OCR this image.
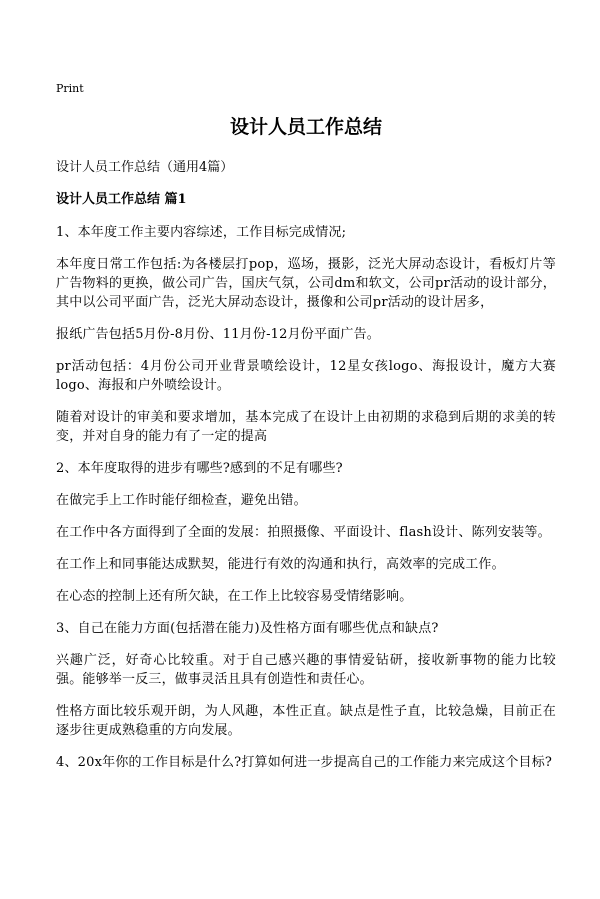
Print
设计人员工作总结
设计人员工作总结（通用4篇）
设计人员工作总结 篇1

1、本年度工作主要内容综述，工作目标完成情况;

本年度日常工作包括:为各楼层打pop，巡场，摄影，泛光大屏动态设计，看板灯片等广告物料的更换，做公司广告，国庆气氛，公司dm和软文，公司pr活动的设计部分，其中以公司平面广告，泛光大屏动态设计，摄像和公司pr活动的设计居多，

报纸广告包括5月份-8月份、11月份-12月份平面广告。

pr活动包括：4月份公司开业背景喷绘设计，12星女孩logo、海报设计，魔方大赛logo、海报和户外喷绘设计。

随着对设计的审美和要求增加，基本完成了在设计上由初期的求稳到后期的求美的转变，并对自身的能力有了一定的提高

2、本年度取得的进步有哪些?感到的不足有哪些?

在做完手上工作时能仔细检查，避免出错。

在工作中各方面得到了全面的发展：拍照摄像、平面设计、flash设计、陈列安装等。

在工作上和同事能达成默契，能进行有效的沟通和执行，高效率的完成工作。

在心态的控制上还有所欠缺，在工作上比较容易受情绪影响。

3、自己在能力方面(包括潜在能力)及性格方面有哪些优点和缺点?

兴趣广泛，好奇心比较重。对于自己感兴趣的事情爱钻研，接收新事物的能力比较强。能够举一反三，做事灵活且具有创造性和责任心。

性格方面比较乐观开朗，为人风趣，本性正直。缺点是性子直，比较急燥，目前正在逐步往更成熟稳重的方向发展。

4、20x年你的工作目标是什么?打算如何进一步提高自己的工作能力来完成这个目标?
